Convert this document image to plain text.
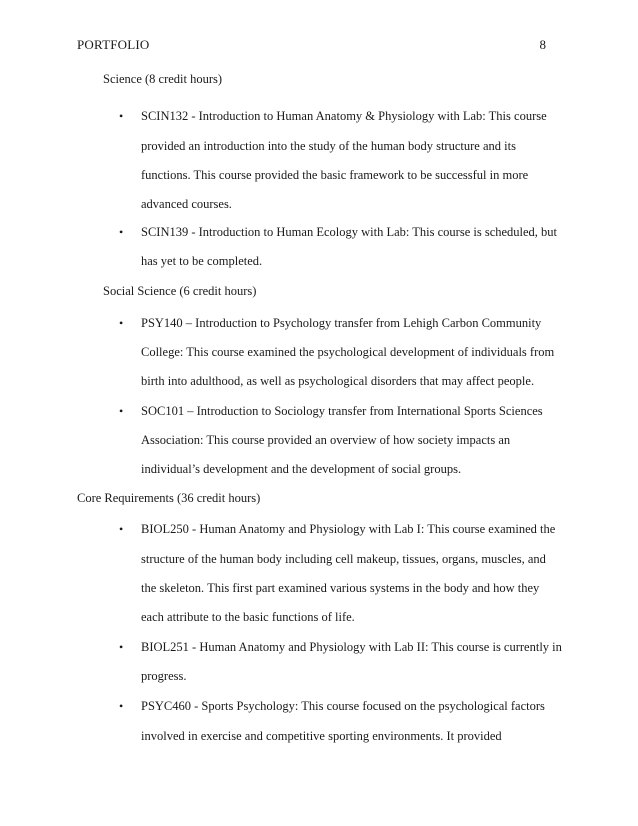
PORTFOLIO	8
Science (8 credit hours)
• SCIN132 - Introduction to Human Anatomy & Physiology with Lab: This course
provided an introduction into the study of the human body structure and its
functions. This course provided the basic framework to be successful in more
advanced courses.
• SCIN139 - Introduction to Human Ecology with Lab: This course is scheduled, but
has yet to be completed.
Social Science (6 credit hours)
• PSY140 – Introduction to Psychology transfer from Lehigh Carbon Community
College: This course examined the psychological development of individuals from
birth into adulthood, as well as psychological disorders that may affect people.
• SOC101 – Introduction to Sociology transfer from International Sports Sciences
Association: This course provided an overview of how society impacts an
individual’s development and the development of social groups.
Core Requirements (36 credit hours)
• BIOL250 - Human Anatomy and Physiology with Lab I: This course examined the
structure of the human body including cell makeup, tissues, organs, muscles, and
the skeleton. This first part examined various systems in the body and how they
each attribute to the basic functions of life.
• BIOL251 - Human Anatomy and Physiology with Lab II: This course is currently in
progress.
• PSYC460 - Sports Psychology: This course focused on the psychological factors
involved in exercise and competitive sporting environments. It provided
